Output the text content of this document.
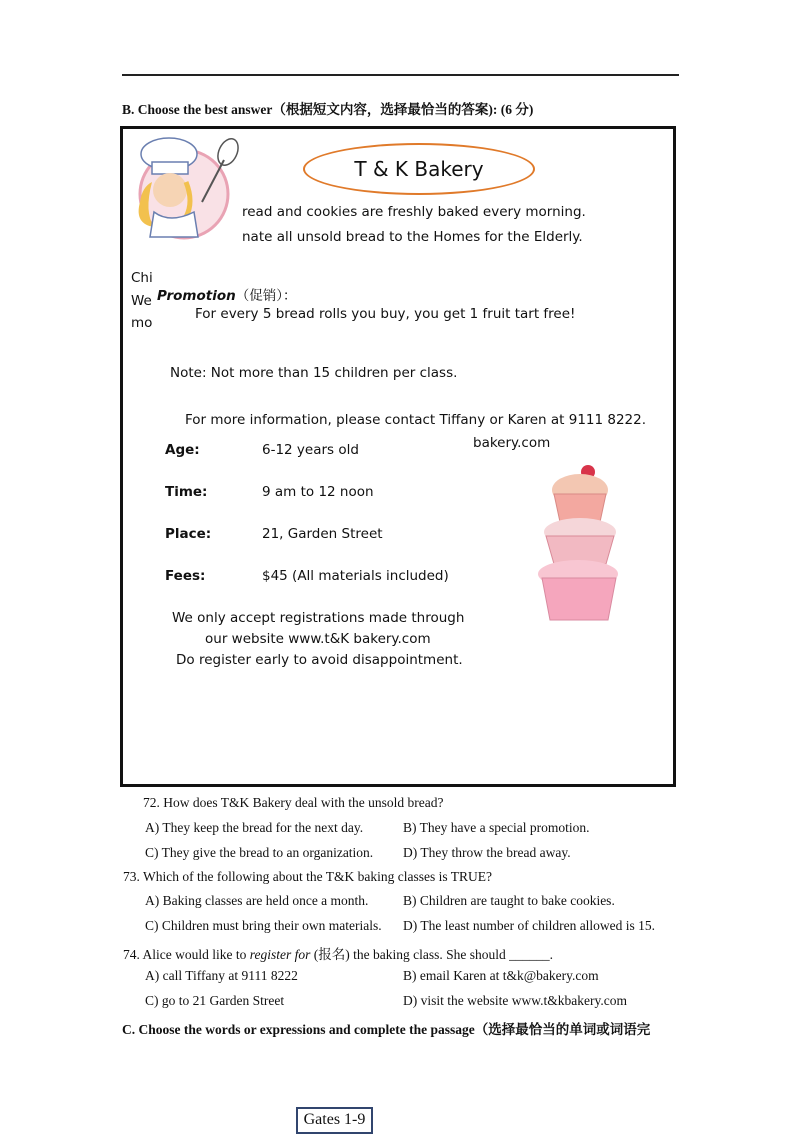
B. Choose the best answer（根据短文内容，选择最恰当的答案): (6 分)
T & K Bakery
read and cookies are freshly baked every morning.
nate all unsold bread to the Homes for the Elderly.
Chi
We
mo
Promotion（促销）：
For every 5 bread rolls you buy, you get 1 fruit tart free!
Note: Not more than 15 children per class.
For more information, please contact Tiffany or Karen at 9111 8222.
bakery.com
Age:	6-12 years old
Time:	9 am to 12 noon
Place:	21, Garden Street
Fees:	$45 (All materials included)
We only accept registrations made through
our website www.t&K bakery.com
Do register early to avoid disappointment.
72. How does T&K Bakery deal with the unsold bread?
A) They keep the bread for the next day.	B) They have a special promotion.
C) They give the bread to an organization. D) They throw the bread away.
73. Which of the following about the T&K baking classes is TRUE?
A) Baking classes are held once a month.	B) Children are taught to bake cookies.
C) Children must bring their own materials. D) The least number of children allowed is 15.
74. Alice would like to register for (报名) the baking class. She should ______.
A) call Tiffany at 9111 8222	B) email Karen at t&k@bakery.com
C) go to 21 Garden Street	D) visit the website www.t&kbakery.com
C. Choose the words or expressions and complete the passage（选择最恰当的单词或词语完
Gates 1-9
